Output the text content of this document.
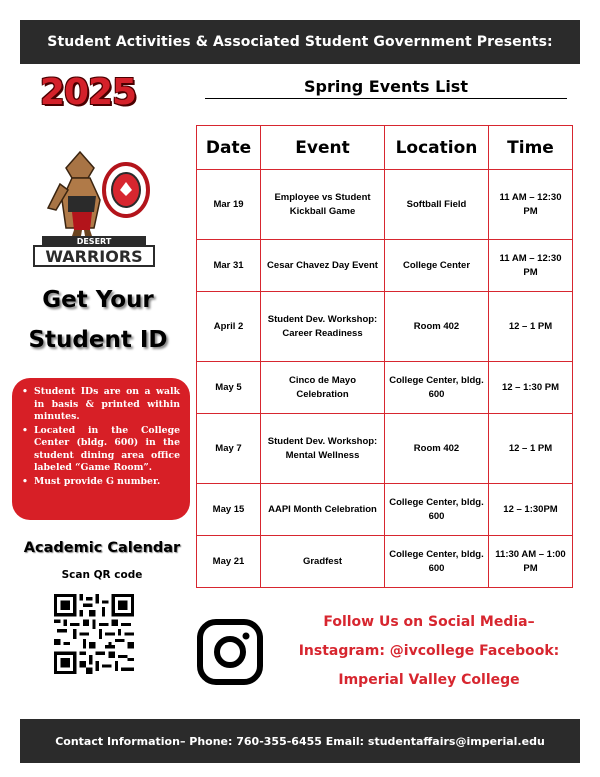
Student Activities & Associated Student Government Presents:
2025
DESERT
WARRIORS
Get Your
Student ID
• Student IDs are on a walk in basis & printed within minutes.
• Located in the College Center (bldg. 600) in the student dining area office labeled “Game Room”.
• Must provide G number.
Academic Calendar
Scan QR code
Spring Events List
Date	Event	Location	Time
Mar 19	Employee vs Student Kickball Game	Softball Field	11 AM – 12:30 PM
Mar 31	Cesar Chavez Day Event	College Center	11 AM – 12:30 PM
April 2	Student Dev. Workshop: Career Readiness	Room 402	12 – 1 PM
May 5	Cinco de Mayo Celebration	College Center, bldg. 600	12 – 1:30 PM
May 7	Student Dev. Workshop: Mental Wellness	Room 402	12 – 1 PM
May 15	AAPI Month Celebration	College Center, bldg. 600	12 – 1:30PM
May 21	Gradfest	College Center, bldg. 600	11:30 AM – 1:00 PM
Follow Us on Social Media–
Instagram: @ivcollege Facebook:
Imperial Valley College
Contact Information– Phone: 760-355-6455 Email: studentaffairs@imperial.edu
